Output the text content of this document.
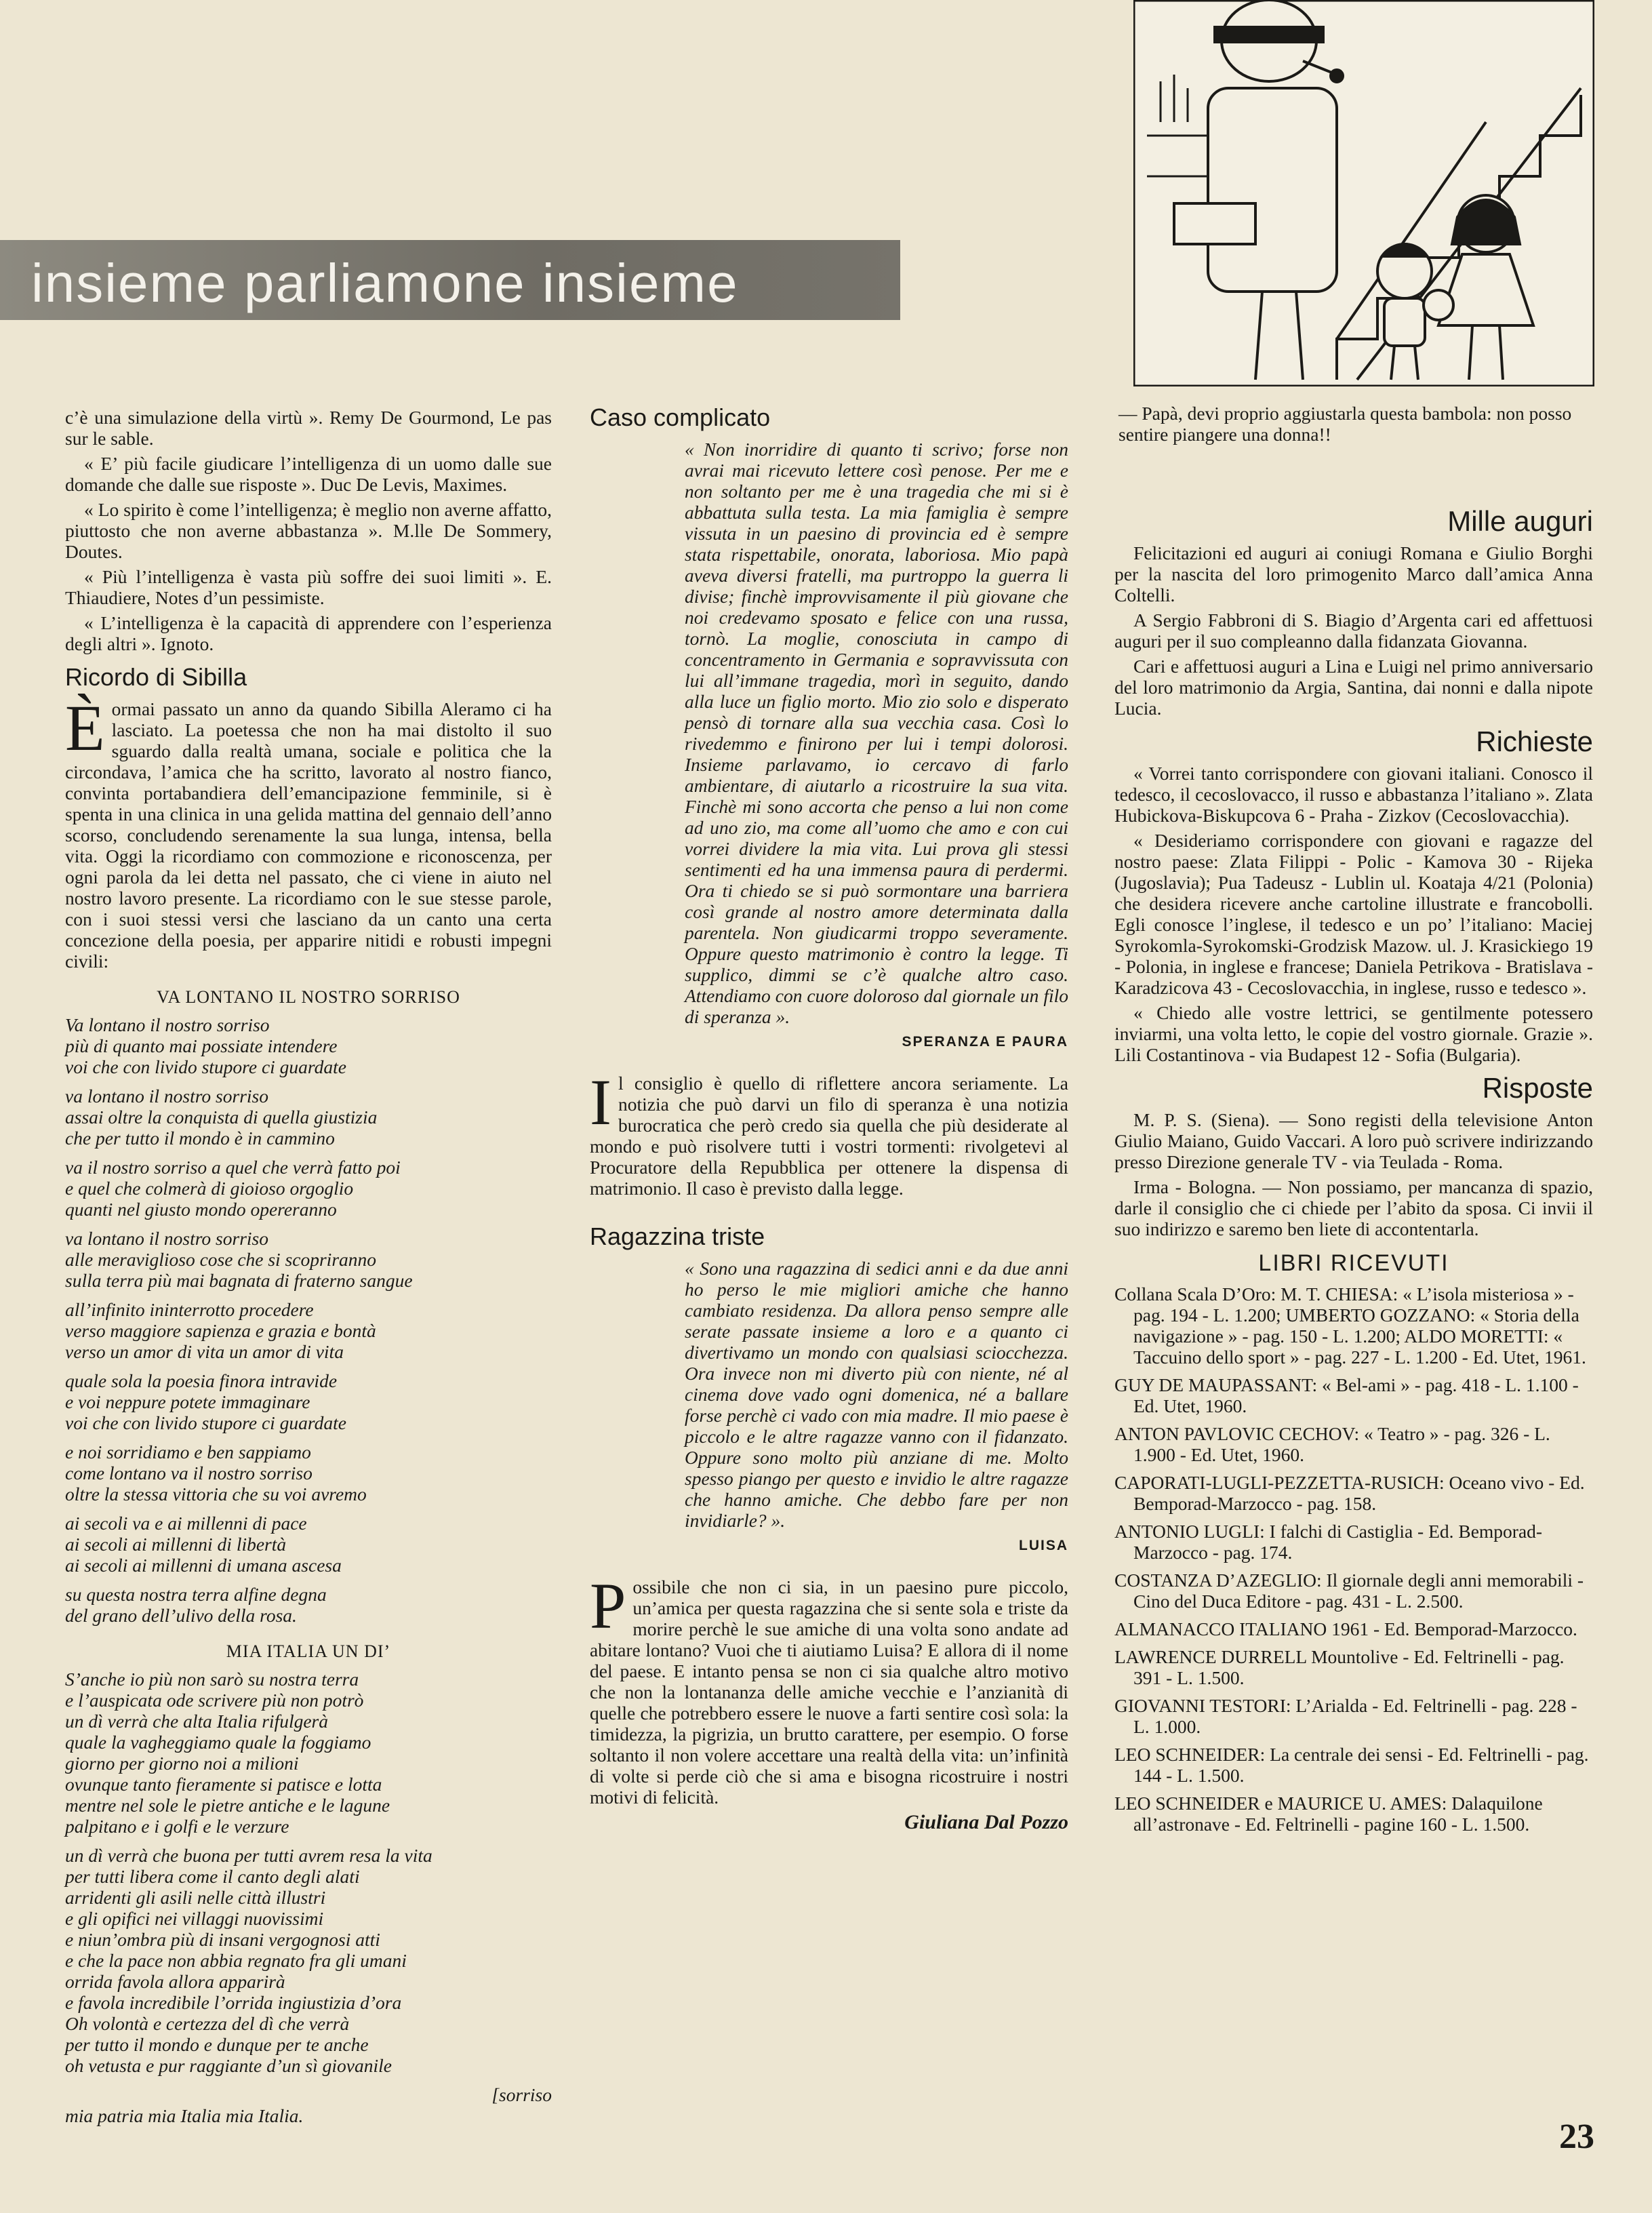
insieme parliamone insieme
— Papà, devi proprio aggiustarla questa bambola: non posso sentire piangere una donna!!

c’è una simulazione della virtù ». Remy De Gourmond, Le pas sur le sable.

« E’ più facile giudicare l’intelligenza di un uomo dalle sue domande che dalle sue risposte ». Duc De Levis, Maximes.

« Lo spirito è come l’intelligenza; è meglio non averne affatto, piuttosto che non averne abbastanza ». M.lle De Sommery, Doutes.

« Più l’intelligenza è vasta più soffre dei suoi limiti ». E. Thiaudiere, Notes d’un pessimiste.

« L’intelligenza è la capacità di apprendere con l’esperienza degli altri ». Ignoto.

Ricordo di Sibilla

È ormai passato un anno da quando Sibilla Aleramo ci ha lasciato. La poetessa che non ha mai distolto il suo sguardo dalla realtà umana, sociale e politica che la circondava, l’amica che ha scritto, lavorato al nostro fianco, convinta portabandiera dell’emancipazione femminile, si è spenta in una clinica in una gelida mattina del gennaio dell’anno scorso, concludendo serenamente la sua lunga, intensa, bella vita. Oggi la ricordiamo con commozione e riconoscenza, per ogni parola da lei detta nel passato, che ci viene in aiuto nel nostro lavoro presente. La ricordiamo con le sue stesse parole, con i suoi stessi versi che lasciano da un canto una certa concezione della poesia, per apparire nitidi e robusti impegni civili:

VA LONTANO IL NOSTRO SORRISO

Va lontano il nostro sorriso

più di quanto mai possiate intendere

voi che con livido stupore ci guardate

va lontano il nostro sorriso

assai oltre la conquista di quella giustizia

che per tutto il mondo è in cammino

va il nostro sorriso a quel che verrà fatto poi

e quel che colmerà di gioioso orgoglio

quanti nel giusto mondo opereranno

va lontano il nostro sorriso

alle meraviglioso cose che si scopriranno

sulla terra più mai bagnata di fraterno sangue

all’infinito ininterrotto procedere

verso maggiore sapienza e grazia e bontà

verso un amor di vita un amor di vita

quale sola la poesia finora intravide

e voi neppure potete immaginare

voi che con livido stupore ci guardate

e noi sorridiamo e ben sappiamo

come lontano va il nostro sorriso

oltre la stessa vittoria che su voi avremo

ai secoli va e ai millenni di pace

ai secoli ai millenni di libertà

ai secoli ai millenni di umana ascesa

su questa nostra terra alfine degna

del grano dell’ulivo della rosa.

MIA ITALIA UN DI’

S’anche io più non sarò su nostra terra

e l’auspicata ode scrivere più non potrò

un dì verrà che alta Italia rifulgerà

quale la vagheggiamo quale la foggiamo

giorno per giorno noi a milioni

ovunque tanto fieramente si patisce e lotta

mentre nel sole le pietre antiche e le lagune

palpitano e i golfi e le verzure

un dì verrà che buona per tutti avrem resa la vita

per tutti libera come il canto degli alati

arridenti gli asili nelle città illustri

e gli opifici nei villaggi nuovissimi

e niun’ombra più di insani vergognosi atti

e che la pace non abbia regnato fra gli umani

orrida favola allora apparirà

e favola incredibile l’orrida ingiustizia d’ora

Oh volontà e certezza del dì che verrà

per tutto il mondo e dunque per te anche

oh vetusta e pur raggiante d’un sì giovanile

[sorriso

mia patria mia Italia mia Italia.

Caso complicato

« Non inorridire di quanto ti scrivo; forse non avrai mai ricevuto lettere così penose. Per me e non soltanto per me è una tragedia che mi si è abbattuta sulla testa. La mia famiglia è sempre vissuta in un paesino di provincia ed è sempre stata rispettabile, onorata, laboriosa. Mio papà aveva diversi fratelli, ma purtroppo la guerra li divise; finchè improvvisamente il più giovane che noi credevamo sposato e felice con una russa, tornò. La moglie, conosciuta in campo di concentramento in Germania e sopravvissuta con lui all’immane tragedia, morì in seguito, dando alla luce un figlio morto. Mio zio solo e disperato pensò di tornare alla sua vecchia casa. Così lo rivedemmo e finirono per lui i tempi dolorosi. Insieme parlavamo, io cercavo di farlo ambientare, di aiutarlo a ricostruire la sua vita. Finchè mi sono accorta che penso a lui non come ad uno zio, ma come all’uomo che amo e con cui vorrei dividere la mia vita. Lui prova gli stessi sentimenti ed ha una immensa paura di perdermi. Ora ti chiedo se si può sormontare una barriera così grande al nostro amore determinata dalla parentela. Non giudicarmi troppo severamente. Oppure questo matrimonio è contro la legge. Ti supplico, dimmi se c’è qualche altro caso. Attendiamo con cuore doloroso dal giornale un filo di speranza ».

SPERANZA E PAURA

I l consiglio è quello di riflettere ancora seriamente. La notizia che può darvi un filo di speranza è una notizia burocratica che però credo sia quella che più desiderate al mondo e può risolvere tutti i vostri tormenti: rivolgetevi al Procuratore della Repubblica per ottenere la dispensa di matrimonio. Il caso è previsto dalla legge.

Ragazzina triste

« Sono una ragazzina di sedici anni e da due anni ho perso le mie migliori amiche che hanno cambiato residenza. Da allora penso sempre alle serate passate insieme a loro e a quanto ci divertivamo un mondo con qualsiasi sciocchezza. Ora invece non mi diverto più con niente, né al cinema dove vado ogni domenica, né a ballare forse perchè ci vado con mia madre. Il mio paese è piccolo e le altre ragazze vanno con il fidanzato. Oppure sono molto più anziane di me. Molto spesso piango per questo e invidio le altre ragazze che hanno amiche. Che debbo fare per non invidiarle? ».

LUISA

P ossibile che non ci sia, in un paesino pure piccolo, un’amica per questa ragazzina che si sente sola e triste da morire perchè le sue amiche di una volta sono andate ad abitare lontano? Vuoi che ti aiutiamo Luisa? E allora di il nome del paese. E intanto pensa se non ci sia qualche altro motivo che non la lontananza delle amiche vecchie e l’anzianità di quelle che potrebbero essere le nuove a farti sentire così sola: la timidezza, la pigrizia, un brutto carattere, per esempio. O forse soltanto il non volere accettare una realtà della vita: un’infinità di volte si perde ciò che si ama e bisogna ricostruire i nostri motivi di felicità.

Giuliana Dal Pozzo
Mille auguri

Felicitazioni ed auguri ai coniugi Romana e Giulio Borghi per la nascita del loro primogenito Marco dall’amica Anna Coltelli.

A Sergio Fabbroni di S. Biagio d’Argenta cari ed affettuosi auguri per il suo compleanno dalla fidanzata Giovanna.

Cari e affettuosi auguri a Lina e Luigi nel primo anniversario del loro matrimonio da Argia, Santina, dai nonni e dalla nipote Lucia.

Richieste

« Vorrei tanto corrispondere con giovani italiani. Conosco il tedesco, il cecoslovacco, il russo e abbastanza l’italiano ». Zlata Hubickova-Biskupcova 6 - Praha - Zizkov (Cecoslovacchia).

« Desideriamo corrispondere con giovani e ragazze del nostro paese: Zlata Filippi - Polic - Kamova 30 - Rijeka (Jugoslavia); Pua Tadeusz - Lublin ul. Koataja 4/21 (Polonia) che desidera ricevere anche cartoline illustrate e francobolli. Egli conosce l’inglese, il tedesco e un po’ l’italiano: Maciej Syrokomla-Syrokomski-Grodzisk Mazow. ul. J. Krasickiego 19 - Polonia, in inglese e francese; Daniela Petrikova - Bratislava - Karadzicova 43 - Cecoslovacchia, in inglese, russo e tedesco ».

« Chiedo alle vostre lettrici, se gentilmente potessero inviarmi, una volta letto, le copie del vostro giornale. Grazie ». Lili Costantinova - via Budapest 12 - Sofia (Bulgaria).

Risposte

M. P. S. (Siena). — Sono registi della televisione Anton Giulio Maiano, Guido Vaccari. A loro può scrivere indirizzando presso Direzione generale TV - via Teulada - Roma.

Irma - Bologna. — Non possiamo, per mancanza di spazio, darle il consiglio che ci chiede per l’abito da sposa. Ci invii il suo indirizzo e saremo ben liete di accontentarla.

LIBRI RICEVUTI

Collana Scala D’Oro: M. T. CHIESA: « L’isola misteriosa » - pag. 194 - L. 1.200; UMBERTO GOZZANO: « Storia della navigazione » - pag. 150 - L. 1.200; ALDO MORETTI: « Taccuino dello sport » - pag. 227 - L. 1.200 - Ed. Utet, 1961.

GUY DE MAUPASSANT: « Bel-ami » - pag. 418 - L. 1.100 - Ed. Utet, 1960.

ANTON PAVLOVIC CECHOV: « Teatro » - pag. 326 - L. 1.900 - Ed. Utet, 1960.

CAPORATI-LUGLI-PEZZETTA-RUSICH: Oceano vivo - Ed. Bemporad-Marzocco - pag. 158.

ANTONIO LUGLI: I falchi di Castiglia - Ed. Bemporad-Marzocco - pag. 174.

COSTANZA D’AZEGLIO: Il giornale degli anni memorabili - Cino del Duca Editore - pag. 431 - L. 2.500.

ALMANACCO ITALIANO 1961 - Ed. Bemporad-Marzocco.

LAWRENCE DURRELL Mountolive - Ed. Feltrinelli - pag. 391 - L. 1.500.

GIOVANNI TESTORI: L’Arialda - Ed. Feltrinelli - pag. 228 - L. 1.000.

LEO SCHNEIDER: La centrale dei sensi - Ed. Feltrinelli - pag. 144 - L. 1.500.

LEO SCHNEIDER e MAURICE U. AMES: Dalaquilone all’astronave - Ed. Feltrinelli - pagine 160 - L. 1.500.

23
